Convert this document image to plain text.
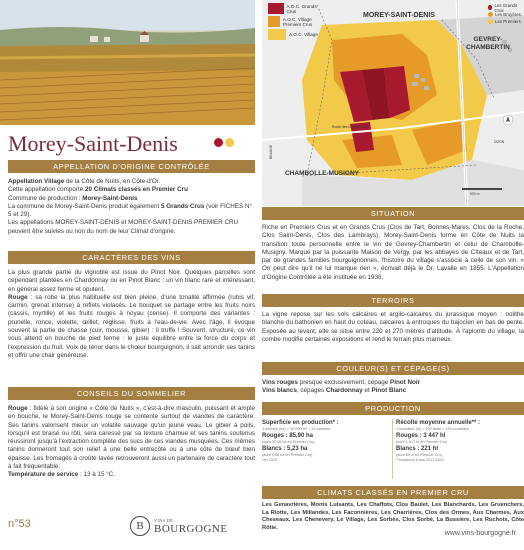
Morey-Saint-Denis
APPELLATION D'ORIGINE CONTRÔLÉE

Appellation Village de la Côte de Nuits, en Côte-d'Or.

Cette appellation comporte 20 Climats classés en Premier Cru

Commune de production : Morey-Saint-Denis

La commune de Morey-Saint-Denis produit également 5 Grands Crus (voir FICHES N° 5 et 29).

Les appellations MOREY-SAINT-DENIS et MOREY-SAINT-DENIS PREMIER CRU peuvent être suivies ou non du nom de leur Climat d'origine.

CARACTÈRES DES VINS

La plus grande partie du vignoble est issue du Pinot Noir. Quelques parcelles sont cependant plantées en Chardonnay ou en Pinot Blanc : un vin blanc rare et intéressant, en général assez ferme et opulent.

Rouge : sa robe la plus habituelle est bien pleine, d'une tonalité affirmée (rubis vif, carmin, grenat intense) à reflets violacés. Le bouquet se partage entre les fruits noirs (cassis, myrtille) et les fruits rouges à noyau (cerise). Il comporte des variantes : prunelle, ronce, violette, œillet, réglisse, fruits à l'eau-de-vie. Avec l'âge, il évoque souvent la partie de chasse (cuir, mousse, gibier) : il truffe ! Souvent, structuré, ce vin vous attend en bouche de pied ferme : le juste équilibre entre la force du corps et l'expression du fruit. Voix de ténor dans le chœur bourguignon, il sait arrondir ses tanins et offrir une chair généreuse.

CONSEILS DU SOMMELIER

Rouge : fidèle à son origine « Côte de Nuits », c'est-à-dire masculin, puissant et ample en bouche, le Morey-Saint-Denis rouge se contente surtout de viandes de caractère. Ses tanins valorisent mieux un volatile sauvage qu'un jeune veau. Le gibier à poils, lorsqu'il est braisé ou rôti, sera caressé par sa texture charnue et ses tanins soutenus réussiront jusqu'à l'extraction complète des sucs de ces viandes musquées. Ces mêmes tanins donneront tout son relief à une belle entrecôte ou à une côte de bœuf bien épaisse. Les fromages à croûte lavée retrouveront aussi un partenaire de caractère tout à fait fréquentable.

Température de service : 13 à 15 °C.

n°53	B	VINS DE
BOURGOGNE
A.O.C. Grands Crus
A.O.C. Village Premiers Crus
A.O.C. Village
Les Grands Crus
Les Bruyères
Les Premiers
MOREY-SAINT-DENIS
GEVREY-CHAMBERTIN
CHAMBOLLE-MUSIGNY
BEAUNE
DIJON
Route des Grands Crus
500 m
SITUATION
Riche en Premiers Crus et en Grands Crus (Clos de Tart, Bonnes-Mares, Clos de la Roche, Clos Saint-Denis, Clos des Lambrays), Morey-Saint-Denis forme en Côte de Nuits la transition toute personnelle entre le vin de Gevrey-Chambertin et celui de Chambolle-Musigny. Marqué par la puissante Maison de Vergy, par les abbayes de Cîteaux et de Tart, par de grandes familles bourguignonnes, l'histoire du village s'associe à celle de son vin. « On peut dire qu'il ne lui manque rien », écrivait déjà le Dr. Lavalle en 1855. L'Appellation d'Origine Contrôlée a été instituée en 1936.
TERROIRS
La vigne repose sur les sols calcaires et argilo-calcaires du jurassique moyen : oolithe blanche du bathonien en haut du coteau, calcaires à entroques du bajocien en bas de pente. Exposée au levant, elle se situe entre 220 et 270 mètres d'altitude. À l'aplomb du village, la combe modifie certaines expositions et rend le terrain plus marneux.
COULEUR(S) ET CÉPAGE(S)

Vins rouges presque exclusivement, cépage Pinot Noir

Vins blancs, cépages Chardonnay et Pinot Blanc

PRODUCTION
Superficie en production* :
1 hectare (ha) = 10 000 m² = 24 ouvrées
Rouges : 85,90 ha
(dont 37,96 ha en Premier Cru)
Blancs : 5,23 ha
(dont 1,56 ha en Premier Cru)
*en 2022
Récolte moyenne annuelle** :
1 hectolitre (hl) = 100 litres = 133 bouteilles
Rouges : 3 447 hl
(dont 1 617 hl en Premier Cru)
Blancs : 221 hl
(dont 65 hl en Premier Cru)
**moyenne 5 ans 2017-2021
CLIMATS CLASSÉS EN PREMIER CRU
Les Genavrières, Monts Luisants, Les Chaffots, Clos Baulet, Les Blanchards, Les Gruenchers, La Riotte, Les Millandes, Les Faconnières, Les Charrières, Clos des Ormes, Aux Charmes, Aux Cheseaux, Les Chenevery, Le Village, Les Sorbès, Clos Sorbè, La Bussière, Les Ruchots, Côte Rôtie.
www.vins-bourgogne.fr
